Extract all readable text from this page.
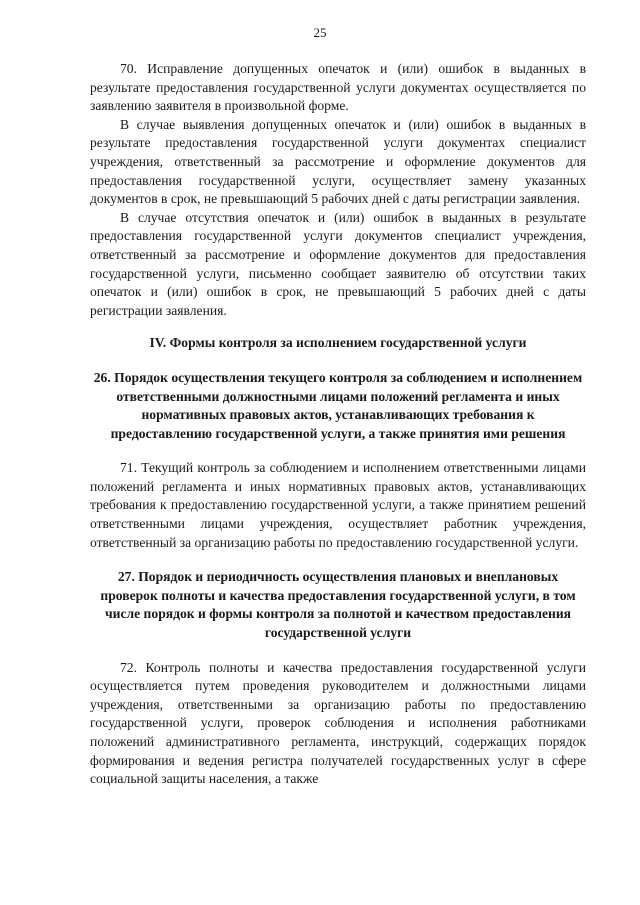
25

70. Исправление допущенных опечаток и (или) ошибок в выданных в результате предоставления государственной услуги документах осуществляется по заявлению заявителя в произвольной форме.

В случае выявления допущенных опечаток и (или) ошибок в выданных в результате предоставления государственной услуги документах специалист учреждения, ответственный за рассмотрение и оформление документов для предоставления государственной услуги, осуществляет замену указанных документов в срок, не превышающий 5 рабочих дней с даты регистрации заявления.

В случае отсутствия опечаток и (или) ошибок в выданных в результате предоставления государственной услуги документов специалист учреждения, ответственный за рассмотрение и оформление документов для предоставления государственной услуги, письменно сообщает заявителю об отсутствии таких опечаток и (или) ошибок в срок, не превышающий 5 рабочих дней с даты регистрации заявления.

IV. Формы контроля за исполнением государственной услуги

26. Порядок осуществления текущего контроля за соблюдением и исполнением ответственными должностными лицами положений регламента и иных нормативных правовых актов, устанавливающих требования к предоставлению государственной услуги, а также принятия ими решения

71. Текущий контроль за соблюдением и исполнением ответственными лицами положений регламента и иных нормативных правовых актов, устанавливающих требования к предоставлению государственной услуги, а также принятием решений ответственными лицами учреждения, осуществляет работник учреждения, ответственный за организацию работы по предоставлению государственной услуги.

27. Порядок и периодичность осуществления плановых и внеплановых проверок полноты и качества предоставления государственной услуги, в том числе порядок и формы контроля за полнотой и качеством предоставления государственной услуги

72. Контроль полноты и качества предоставления государственной услуги осуществляется путем проведения руководителем и должностными лицами учреждения, ответственными за организацию работы по предоставлению государственной услуги, проверок соблюдения и исполнения работниками положений административного регламента, инструкций, содержащих порядок формирования и ведения регистра получателей государственных услуг в сфере социальной защиты населения, а также
